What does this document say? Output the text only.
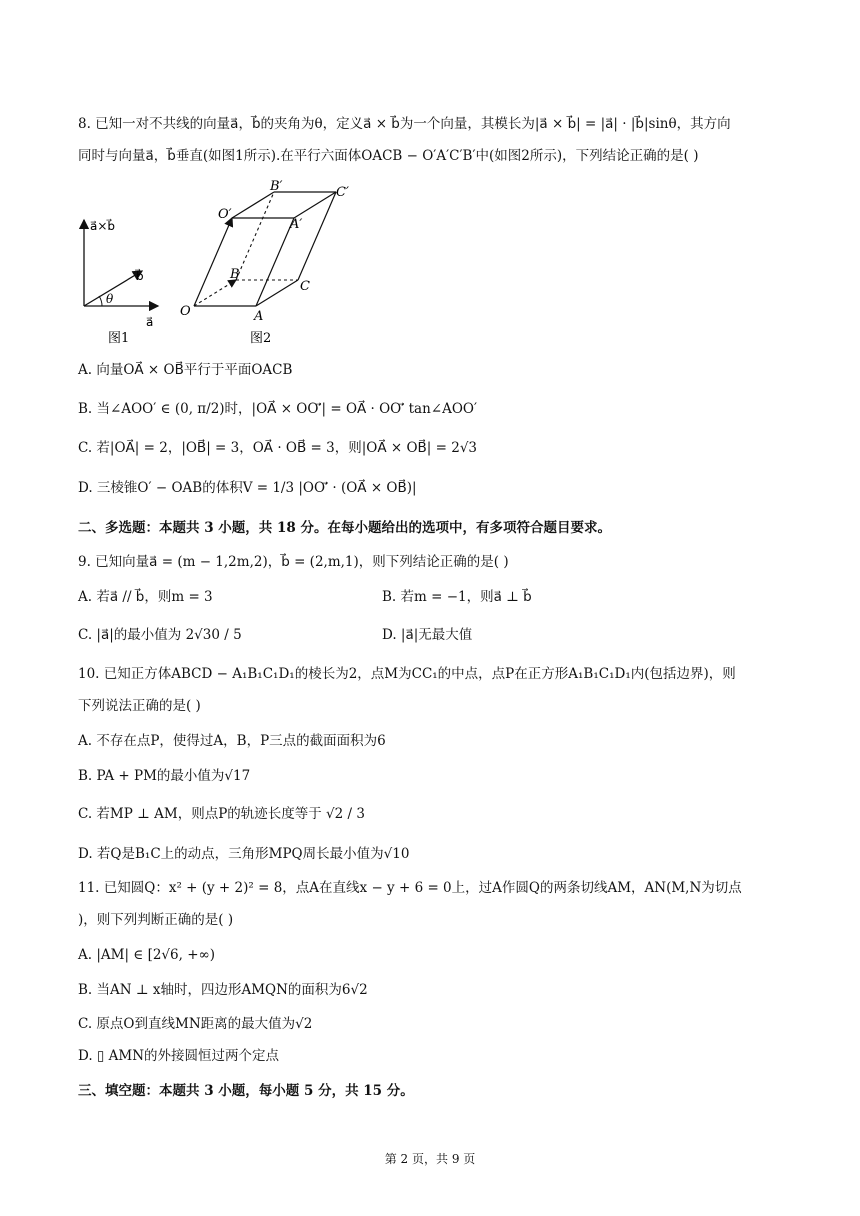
8. 已知一对不共线的向量a⃗，b⃗的夹角为θ，定义a⃗ × b⃗为一个向量，其模长为|a⃗ × b⃗| = |a⃗| · |b⃗|sinθ，其方向
同时与向量a⃗，b⃗垂直(如图1所示).在平行六面体OACB − O′A′C′B′中(如图2所示)，下列结论正确的是( )
a⃗×b⃗
b⃗
a⃗
θ
图1
O	A
B
C
O′
A′
B′	C′
图2
A. 向量OA⃗ × OB⃗平行于平面OACB
B. 当∠AOO′ ∈ (0, π/2)时，|OA⃗ × OO′⃗| = OA⃗ · OO′⃗ tan∠AOO′
C. 若|OA⃗| = 2，|OB⃗| = 3，OA⃗ · OB⃗ = 3，则|OA⃗ × OB⃗| = 2√3
D. 三棱锥O′ − OAB的体积V = 1/3 |OO′⃗ · (OA⃗ × OB⃗)|
二、多选题：本题共 3 小题，共 18 分。在每小题给出的选项中，有多项符合题目要求。
9. 已知向量a⃗ = (m − 1,2m,2)，b⃗ = (2,m,1)，则下列结论正确的是( )
A. 若a⃗ // b⃗，则m = 3	B. 若m = −1，则a⃗ ⊥ b⃗
C. |a⃗|的最小值为 2√30 / 5	D. |a⃗|无最大值
10. 已知正方体ABCD − A₁B₁C₁D₁的棱长为2，点M为CC₁的中点，点P在正方形A₁B₁C₁D₁内(包括边界)，则
下列说法正确的是( )
A. 不存在点P，使得过A，B，P三点的截面面积为6
B. PA + PM的最小值为√17
C. 若MP ⊥ AM，则点P的轨迹长度等于 √2 / 3
D. 若Q是B₁C上的动点，三角形MPQ周长最小值为√10
11. 已知圆Q：x² + (y + 2)² = 8，点A在直线x − y + 6 = 0上，过A作圆Q的两条切线AM，AN(M,N为切点
)，则下列判断正确的是( )
A. |AM| ∈ [2√6, +∞)
B. 当AN ⊥ x轴时，四边形AMQN的面积为6√2
C. 原点O到直线MN距离的最大值为√2
D. ▯ AMN的外接圆恒过两个定点
三、填空题：本题共 3 小题，每小题 5 分，共 15 分。
第 2 页，共 9 页
